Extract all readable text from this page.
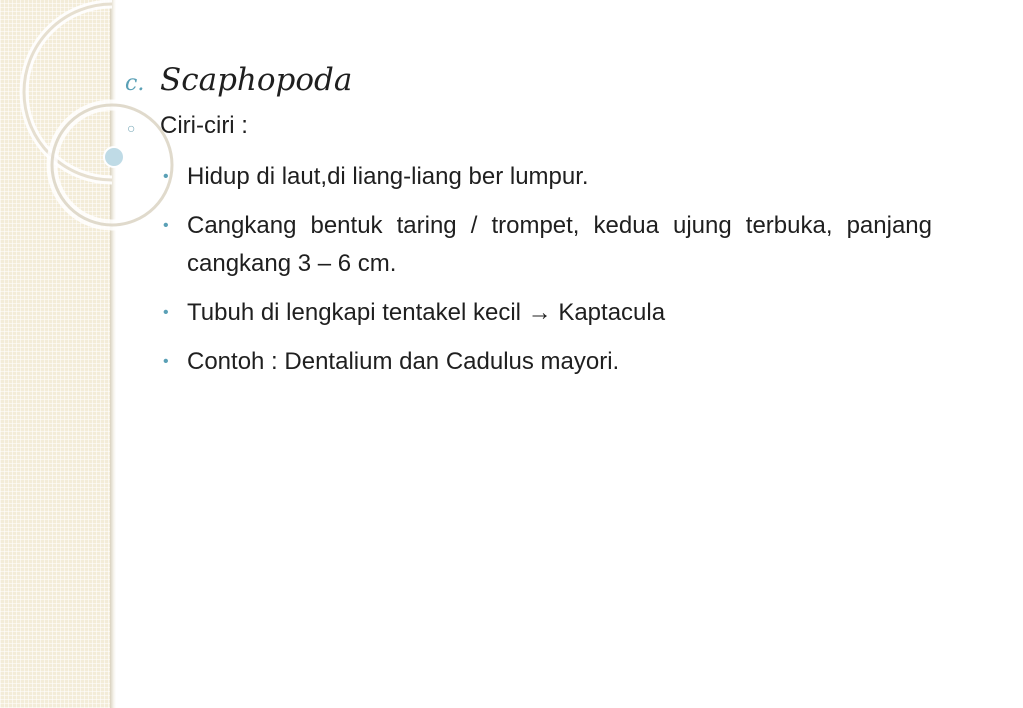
c. Scaphopoda
○	Ciri-ciri :
• Hidup di laut,di liang-liang ber lumpur.
• Cangkang bentuk taring / trompet, kedua ujung terbuka, panjang cangkang 3 – 6 cm.
• Tubuh di lengkapi tentakel kecil → Kaptacula
• Contoh : Dentalium dan Cadulus mayori.
